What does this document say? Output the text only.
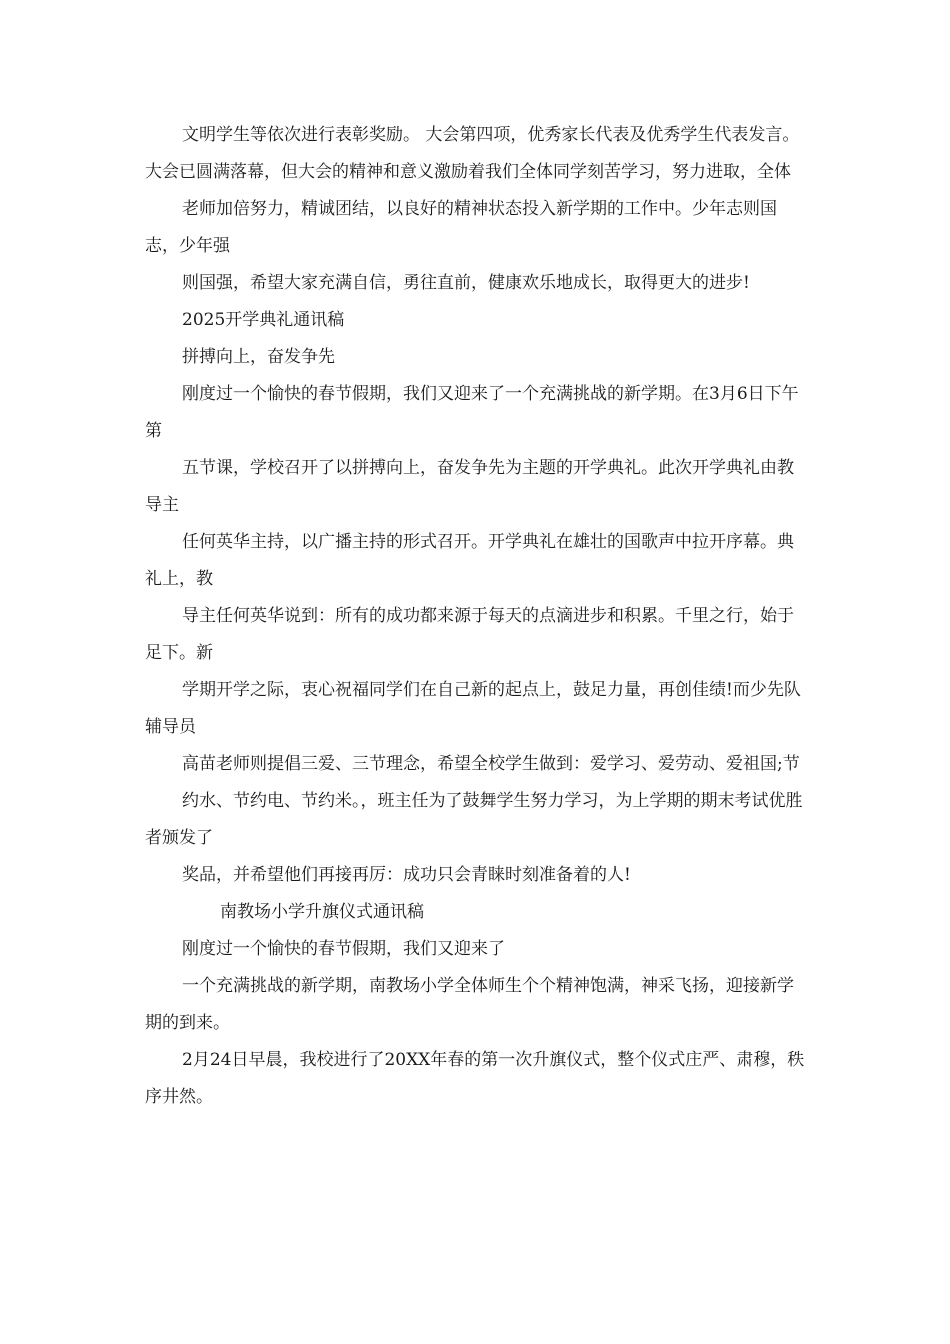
文明学生等依次进行表彰奖励。 大会第四项，优秀家长代表及优秀学生代表发言。 大会已圆满落幕，但大会的精神和意义激励着我们全体同学刻苦学习，努力进取，全体

老师加倍努力，精诚团结，以良好的精神状态投入新学期的工作中。少年志则国志，少年强

则国强，希望大家充满自信，勇往直前，健康欢乐地成长，取得更大的进步!

2025开学典礼通讯稿

拼搏向上，奋发争先

刚度过一个愉快的春节假期，我们又迎来了一个充满挑战的新学期。在3月6日下午第

五节课，学校召开了以拼搏向上，奋发争先为主题的开学典礼。此次开学典礼由教导主

任何英华主持，以广播主持的形式召开。开学典礼在雄壮的国歌声中拉开序幕。典礼上，教

导主任何英华说到：所有的成功都来源于每天的点滴进步和积累。千里之行，始于足下。新

学期开学之际，衷心祝福同学们在自己新的起点上，鼓足力量，再创佳绩!而少先队辅导员

高苗老师则提倡三爱、三节理念，希望全校学生做到：爱学习、爱劳动、爱祖国;节

约水、节约电、节约米。，班主任为了鼓舞学生努力学习，为上学期的期末考试优胜者颁发了

奖品，并希望他们再接再厉：成功只会青睐时刻准备着的人!

南教场小学升旗仪式通讯稿

刚度过一个愉快的春节假期，我们又迎来了

一个充满挑战的新学期，南教场小学全体师生个个精神饱满，神采飞扬，迎接新学期的到来。

2月24日早晨，我校进行了20XX年春的第一次升旗仪式，整个仪式庄严、肃穆，秩序井然。
